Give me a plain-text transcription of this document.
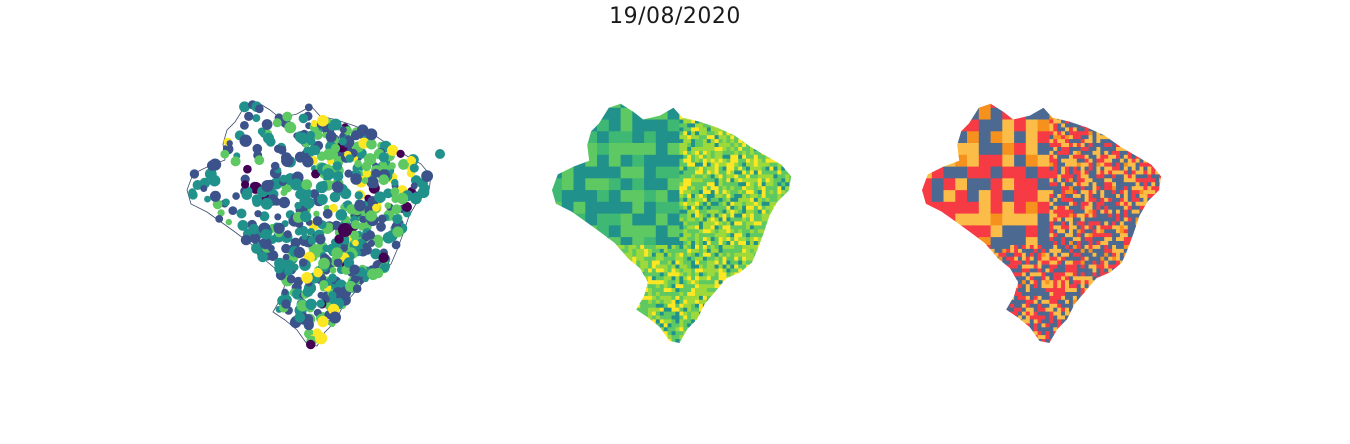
19/08/2020
